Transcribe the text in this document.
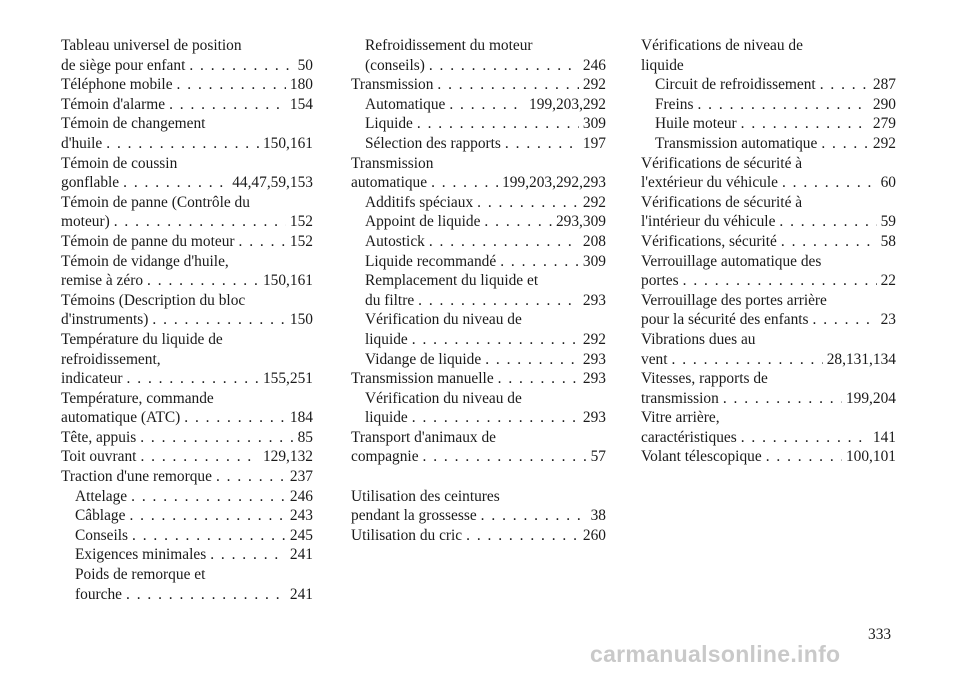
Tableau universel de position
de siège pour enfant . . .	50
Téléphone mobile . . .	180
Témoin d'alarme . . .	154
Témoin de changement
d'huile . . .	150,161
Témoin de coussin
gonflable . . .	44,47,59,153
Témoin de panne (Contrôle du
moteur) . . .	152
Témoin de panne du moteur . . .	152
Témoin de vidange d'huile,
remise à zéro . . .	150,161
Témoins (Description du bloc
d'instruments) . . .	150
Température du liquide de
refroidissement,
indicateur . . .	155,251
Température, commande
automatique (ATC) . . .	184
Tête, appuis . . .	85
Toit ouvrant . . .	129,132
Traction d'une remorque . . .	237
Attelage . . .	246
Câblage . . .	243
Conseils . . .	245
Exigences minimales . . .	241
Poids de remorque et
fourche . . .	241
Refroidissement du moteur
(conseils) . . .	246
Transmission . . .	292
Automatique . . .	199,203,292
Liquide . . .	309
Sélection des rapports . . .	197
Transmission
automatique . . .	199,203,292,293
Additifs spéciaux . . .	292
Appoint de liquide . . .	293,309
Autostick . . .	208
Liquide recommandé . . .	309
Remplacement du liquide et
du filtre . . .	293
Vérification du niveau de
liquide . . .	292
Vidange de liquide . . .	293
Transmission manuelle . . .	293
Vérification du niveau de
liquide . . .	293
Transport d'animaux de
compagnie . . .	57
Utilisation des ceintures
pendant la grossesse . . .	38
Utilisation du cric . . .	260
Vérifications de niveau de
liquide
Circuit de refroidissement . . .	287
Freins . . .	290
Huile moteur . . .	279
Transmission automatique . . .	292
Vérifications de sécurité à
l'extérieur du véhicule . . .	60
Vérifications de sécurité à
l'intérieur du véhicule . . .	59
Vérifications, sécurité . . .	58
Verrouillage automatique des
portes . . .	22
Verrouillage des portes arrière
pour la sécurité des enfants . . .	23
Vibrations dues au
vent . . .	28,131,134
Vitesses, rapports de
transmission . . .	199,204
Vitre arrière,
caractéristiques . . .	141
Volant télescopique . . .	100,101
333
carmanualsonline.info
